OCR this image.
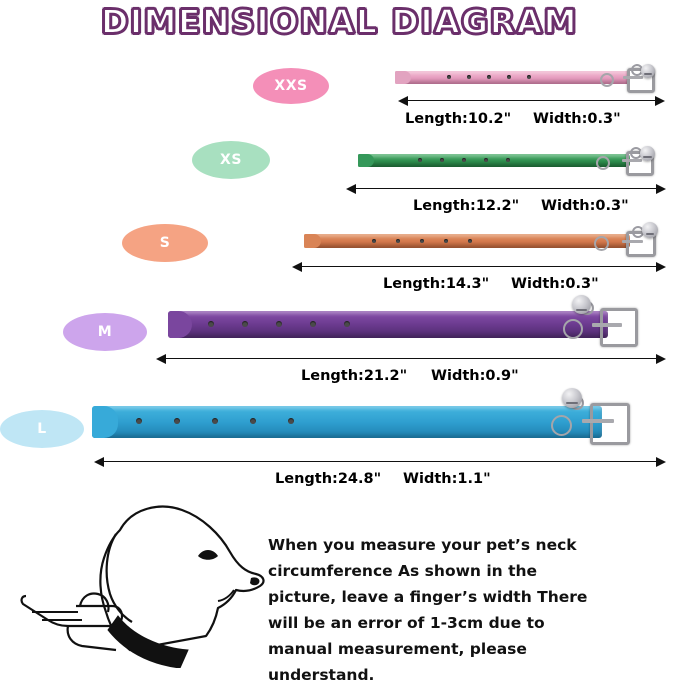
DIMENSIONAL DIAGRAM
XXS
Length:10.2" Width:0.3"
XS
Length:12.2" Width:0.3"
S
Length:14.3" Width:0.3"
M
Length:21.2" Width:0.9"
L
Length:24.8" Width:1.1"
When you measure your pet’s neck circumference As shown in the picture, leave a finger’s width There will be an error of 1-3cm due to manual measurement, please understand.
